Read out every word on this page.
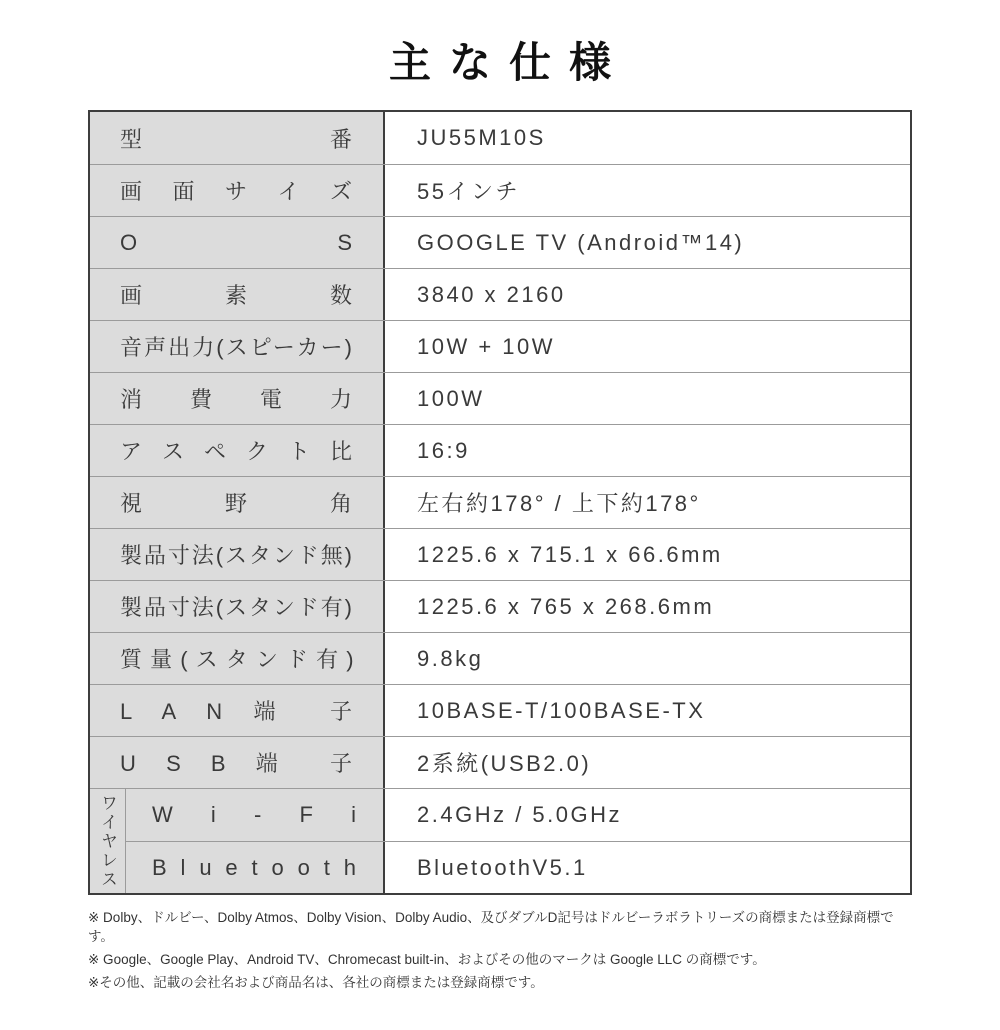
主な仕様
型 番	JU55M10S
画 面 サ イ ズ	55インチ
O S	GOOGLE TV (Android™14)
画 素 数	3840 x 2160
音声出力(スピーカー)	10W + 10W
消 費 電 力	100W
ア ス ペ ク ト 比	16:9
視 野 角	左右約178° / 上下約178°
製品寸法(スタンド無)	1225.6 x 715.1 x 66.6mm
製品寸法(スタンド有)	1225.6 x 765 x 268.6mm
質 量 ( ス タ ン ド 有 )	9.8kg
L A N 端 子	10BASE-T/100BASE-TX
U S B 端 子	2系統(USB2.0)
ワイヤレス W i - F i	2.4GHz / 5.0GHz
B l u e t o o t h	BluetoothV5.1

※ Dolby、ドルビー、Dolby Atmos、Dolby Vision、Dolby Audio、及びダブルD記号はドルビーラボラトリーズの商標または登録商標です。

※ Google、Google Play、Android TV、Chromecast built-in、およびその他のマークは Google LLC の商標です。

※その他、記載の会社名および商品名は、各社の商標または登録商標です。
